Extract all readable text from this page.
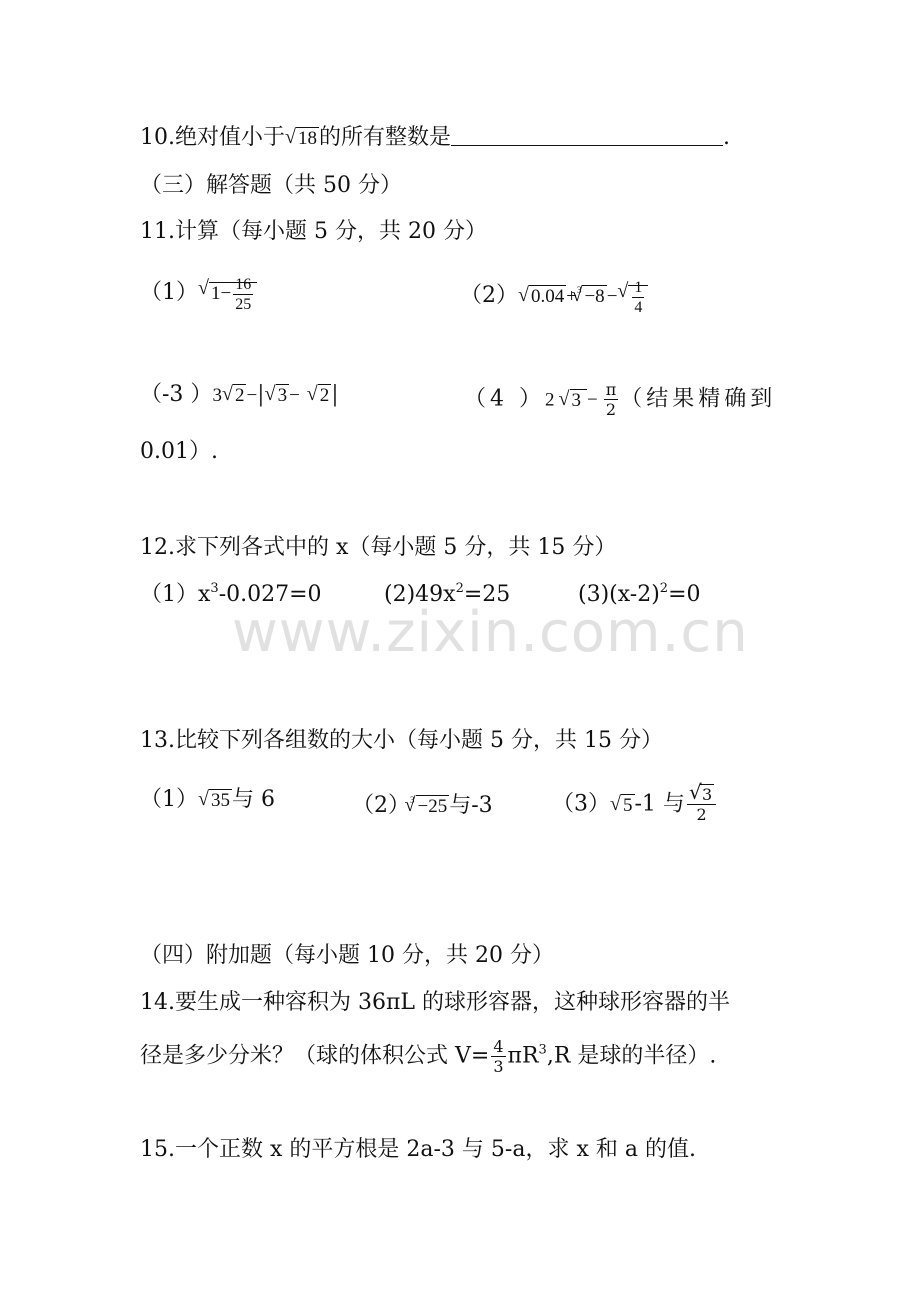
www.zixin.com.cn
10.绝对值小于√ 18的所有整数是	.
（三）解答题（共 50 分）
11.计算（每小题 5 分，共 20 分）
（1）√ $1- \frac{16}{25}$	（2）√ 0.04 +$^3$√ −8 −
√ $\frac{1}{4}$
（-3 ）3√ 2 −|√ 3 − √ 2|	（4 ）2√ $3 - \frac{\pi}{2}$ （结果精确到
0.01）.
12.求下列各式中的 x（每小题 5 分，共 15 分）
$(1)x^3-0.027=0$	$(2)49x^2=25$	$(3)(x-2)^2=0$
13.比较下列各组数的大小（每小题 5 分，共 15 分）
（1）√ 35与 6	$(2)^3√ -25$与-3	（3）√ 5-1 与
√ $\frac{3}{2}$
（四）附加题（每小题 10 分，共 20 分）
14.要生成一种容积为 36πL 的球形容器，这种球形容器的半
径是多少分米？（球的体积公式 $V= \frac{4}{3} \pi R^3,R$ 是球的半径）.
15.一个正数 x 的平方根是 2a-3 与 5-a，求 x 和 a 的值.
